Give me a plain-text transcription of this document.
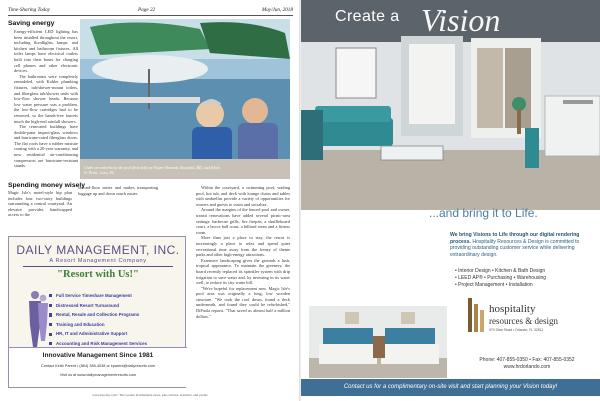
Time-Sharing Today	Page 22	May/Jun, 2018
Saving energy

Energy-efficient LED lighting has been installed throughout the resort, including floodlights, lamps, and kitchen and bathroom fixtures. All toilet lamps have electrical outlets built into their bases for charging cell phones and other electronic devices.

The bathrooms were completely remodeled, with Kohler plumbing fixtures, tub/shower-mount toilets, and fiberglass tub/shower units with low-flow shower heads. Because low water pressure was a problem, the low-flow cartridges had to be removed, so the hands-free faucets much the high-end rainfall showers.

The renovated buildings have double-pane impact-glass windows and hurricane-rated fiberglass doors. The flat roofs have a rubber mixture coating with a 20-year warranty, and new residential air-conditioning compressors are hurricane-resistant stands.	Under an umbrella by the pool (from left) are Wayne Almonds, Rosalynd, MD, and Edwin W. Petric, Gary, NC.
Spending money wisely
Magic Isle's motel-style hip plan includes four two-story buildings surrounding a central courtyard. An elevator provides handicapped access to the
second-floor suites and makes transporting luggage up and down much easier.

Within the courtyard, a swimming pool, wading pool, hot tub, and deck with lounge chairs and tables with umbrellas provide a variety of opportunities for owners and guests to swim and socialize.

Around the margins of the fenced pool and owner, transit renovations have added several picnic-area settings: barbecue grills, fire firepits, a shuffleboard court, a bocce ball court, a billiard room and a fitness room.

More than just a place to stay, the resort is increasingly a place to relax and spend quiet recreational time away from the frenzy of theme parks and other high-energy attractions.

Extensive landscaping gives the grounds a lush, tropical appearance. To maintain the greenery, the board recently replaced its sprinkler system with drip irrigation to save water and, by investing in its water well, to reduce its city water bill.

"We're hopeful for replacement now. Magic Isle's pool area was originally a long, low wooden structure. "We took the roof down, found a deck underneath, and found they could be refurbished," DiPaola reports. "That saved us almost half a million dollars."

DAILY MANAGEMENT, INC.
A Resort Management Company
"Resort with Us!"
Full Service Timeshare Management
Distressed Resort Turnaround
Rental, Resale and Collection Programs
Training and Education
HR, IT and Administrative Support
Accounting and Risk Management Services
Innovative Management Since 1981
Contact Keith Parent • (864) 385-4038 or kparent@dailyresorts.com
Visit us at www.dailymanagementresorts.com
www.tstoday.com • The Leader in timeshare news, plus articles, statistics, and events
Create a Vision
...and bring it to Life.
We bring Visions to Life through our digital rendering process. Hospitality Resources & Design is committed to providing outstanding customer service while delivering extraordinary design.
• Interior Design • Kitchen & Bath Design
• LEED AP® • Purchasing • Warehousing
• Project Management • Installation
hospitality
resources & design
970 Dixie Road • Orlando, FL 32811
Phone: 407-855-0350 • Fax: 407-855-0352
www.hrdorlando.com
Contact us for a complimentary on-site visit and start planning your Vision today!
